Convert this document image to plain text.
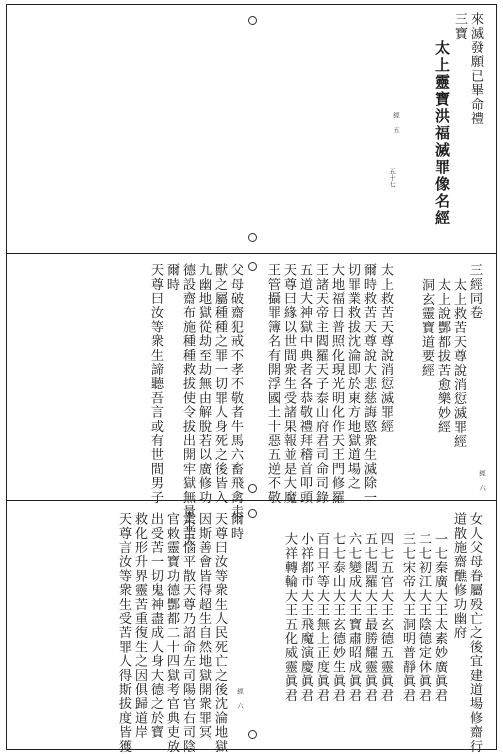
來滅發願已畢命禮
三寶
太上靈寶洪福滅罪像名經
經 五
五十七
三經同卷
太上救苦天尊說消愆滅罪經
太上說酆都拔苦愈樂妙經
洞玄靈寶道要經
太上救苦天尊說消愆滅罪經
爾時救苦天尊說大悲慈誨愍衆生滅除一
切罪業救拔沈淪即於東方地獄道場之
大地福日普照化現光明化作天王門修羅
王諸天帝主閻羅天子泰山府君司命司錄
五道大神獄中典者各恭敬禮拜稽首叩頭
天尊曰緣以世間衆生受諸果報並是大魔
王管攝罪簿名有開浮國土十惡五逆不敬
父母破齋犯戒不孝不敬者牛馬六畜飛禽走
獸之屬種種之罪一切罪人身死之後皆入
九幽地獄從劫至劫無由解脫若以廣修功
德設齋布施種種救拔使令拔出開牢獄無量生天
爾時
天尊曰汝等衆生諦聽吾言或有世間男子	經 六
女人父母眷屬殁亡之後宜建道場修齋行
道散施齋醮修功幽府
一七秦廣大王太素妙廣眞君
二七初江大王陰德定休眞君
三七宋帝大王洞明普靜眞君
四七五官大王玄德五靈眞君
五七閻羅大王最勝耀靈眞君
六七變成大王寶肅昭成眞君
七七泰山大王玄德妙生眞君
百日平等大王無上正度眞君
小祥都市大王飛魔演慶眞君
大祥轉輪大王五化威靈眞君
爾時
天尊曰汝等衆生人民死亡之後沈淪地獄
因斯善會皆得超生自然地獄開衆罪冥
業苦惱平散天尊乃詔命左司陽官右司陰
官敕靈寶功德酆都二十四獄考官典吏放
出受苦一切鬼神盡成人身大德之於寶
救化形升界靈苦重復生之因俱歸道岸
天尊言汝等衆生受苦罪人得斯拔度皆獲	經 六
